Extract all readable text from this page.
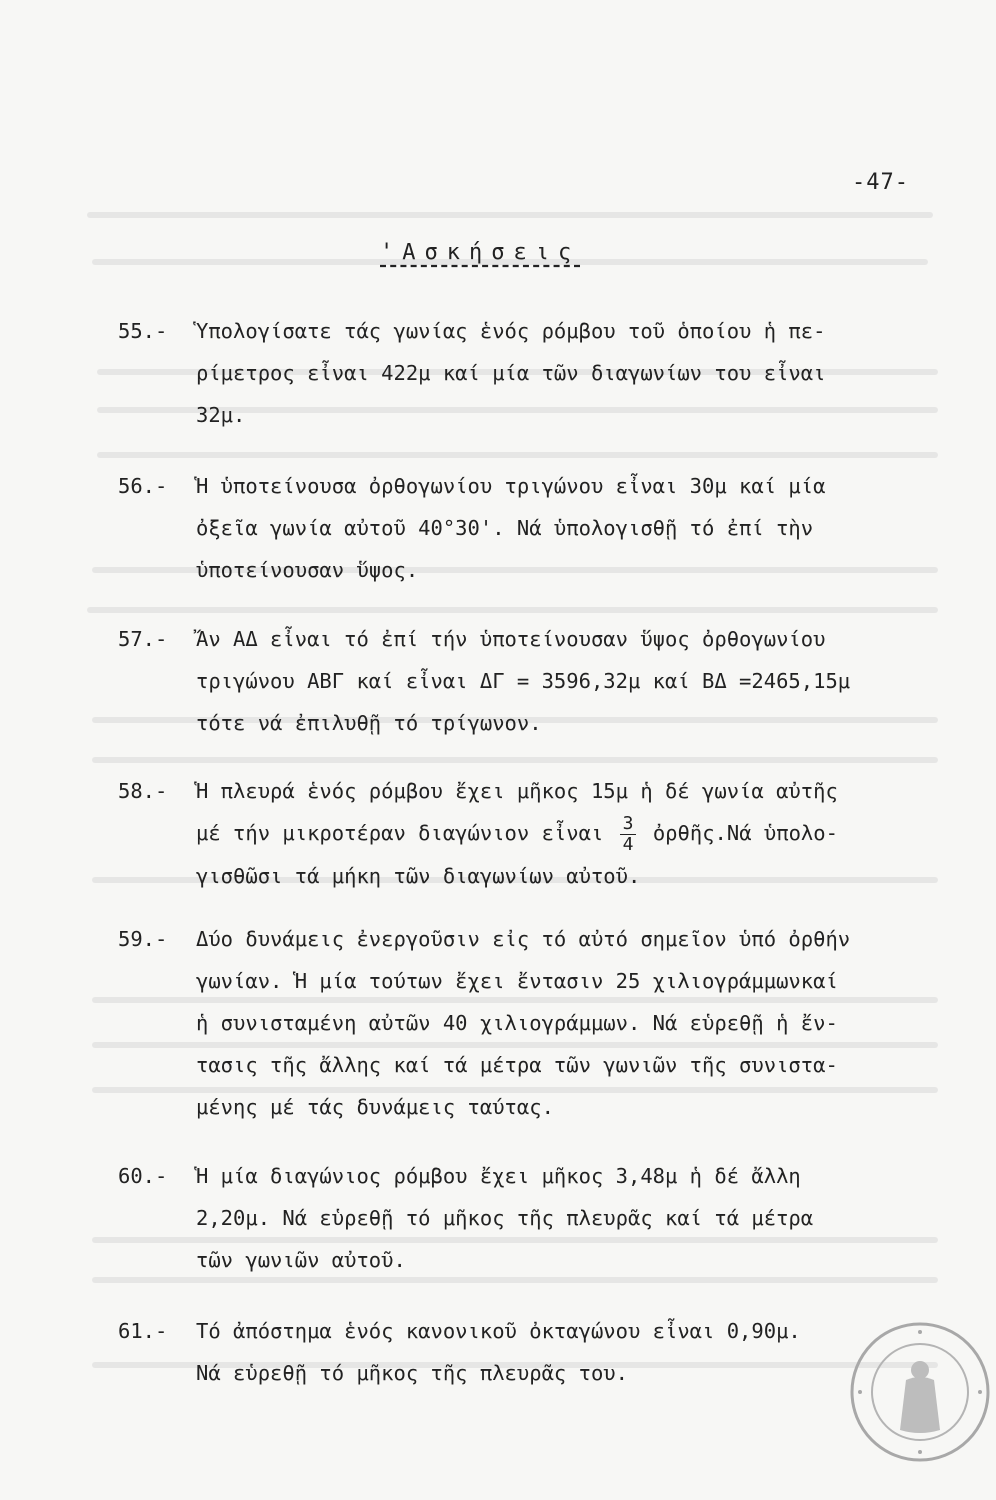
-47-
'Ασκήσεις
55.-	Ὑπολογίσατε τάς γωνίας ἑνός ρόμβου τοῦ ὁποίου ἡ πε-
ρίμετρος εἶναι 422μ καί μία τῶν διαγωνίων του εἶναι
32μ.
56.-	Ἡ ὑποτείνουσα ὀρθογωνίου τριγώνου εἶναι 30μ καί μία
ὀξεῖα γωνία αὐτοῦ 40°30'. Νά ὑπολογισθῇ τό ἐπί τὴν
ὑποτείνουσαν ὕψος.
57.-	Ἄν ΑΔ εἶναι τό ἐπί τήν ὑποτείνουσαν ὕψος ὀρθογωνίου
τριγώνου ΑΒΓ καί εἶναι ΔΓ = 3596,32μ καί ΒΔ =2465,15μ
τότε νά ἐπιλυθῇ τό τρίγωνον.
58.-	Ἡ πλευρά ἑνός ρόμβου ἔχει μῆκος 15μ ἡ δέ γωνία αὐτῆς
μέ τήν μικροτέραν διαγώνιον εἶναι $\frac{3}{4}$ ὀρθῆς.Νά ὑπολο-
γισθῶσι τά μήκη τῶν διαγωνίων αὐτοῦ.
59.-	Δύο δυνάμεις ἐνεργοῦσιν εἰς τό αὐτό σημεῖον ὑπό ὀρθήν
γωνίαν. Ἡ μία τούτων ἔχει ἔντασιν 25 χιλιογράμμωνκαί
ἡ συνισταμένη αὐτῶν 40 χιλιογράμμων. Νά εὑρεθῇ ἡ ἔν-
τασις τῆς ἄλλης καί τά μέτρα τῶν γωνιῶν τῆς συνιστα-
μένης μέ τάς δυνάμεις ταύτας.
60.-	Ἡ μία διαγώνιος ρόμβου ἔχει μῆκος 3,48μ ἡ δέ ἄλλη
2,20μ. Νά εὑρεθῇ τό μῆκος τῆς πλευρᾶς καί τά μέτρα
τῶν γωνιῶν αὐτοῦ.
61.-	Τό ἀπόστημα ἑνός κανονικοῦ ὀκταγώνου εἶναι 0,90μ.
Νά εὑρεθῇ τό μῆκος τῆς πλευρᾶς του.
